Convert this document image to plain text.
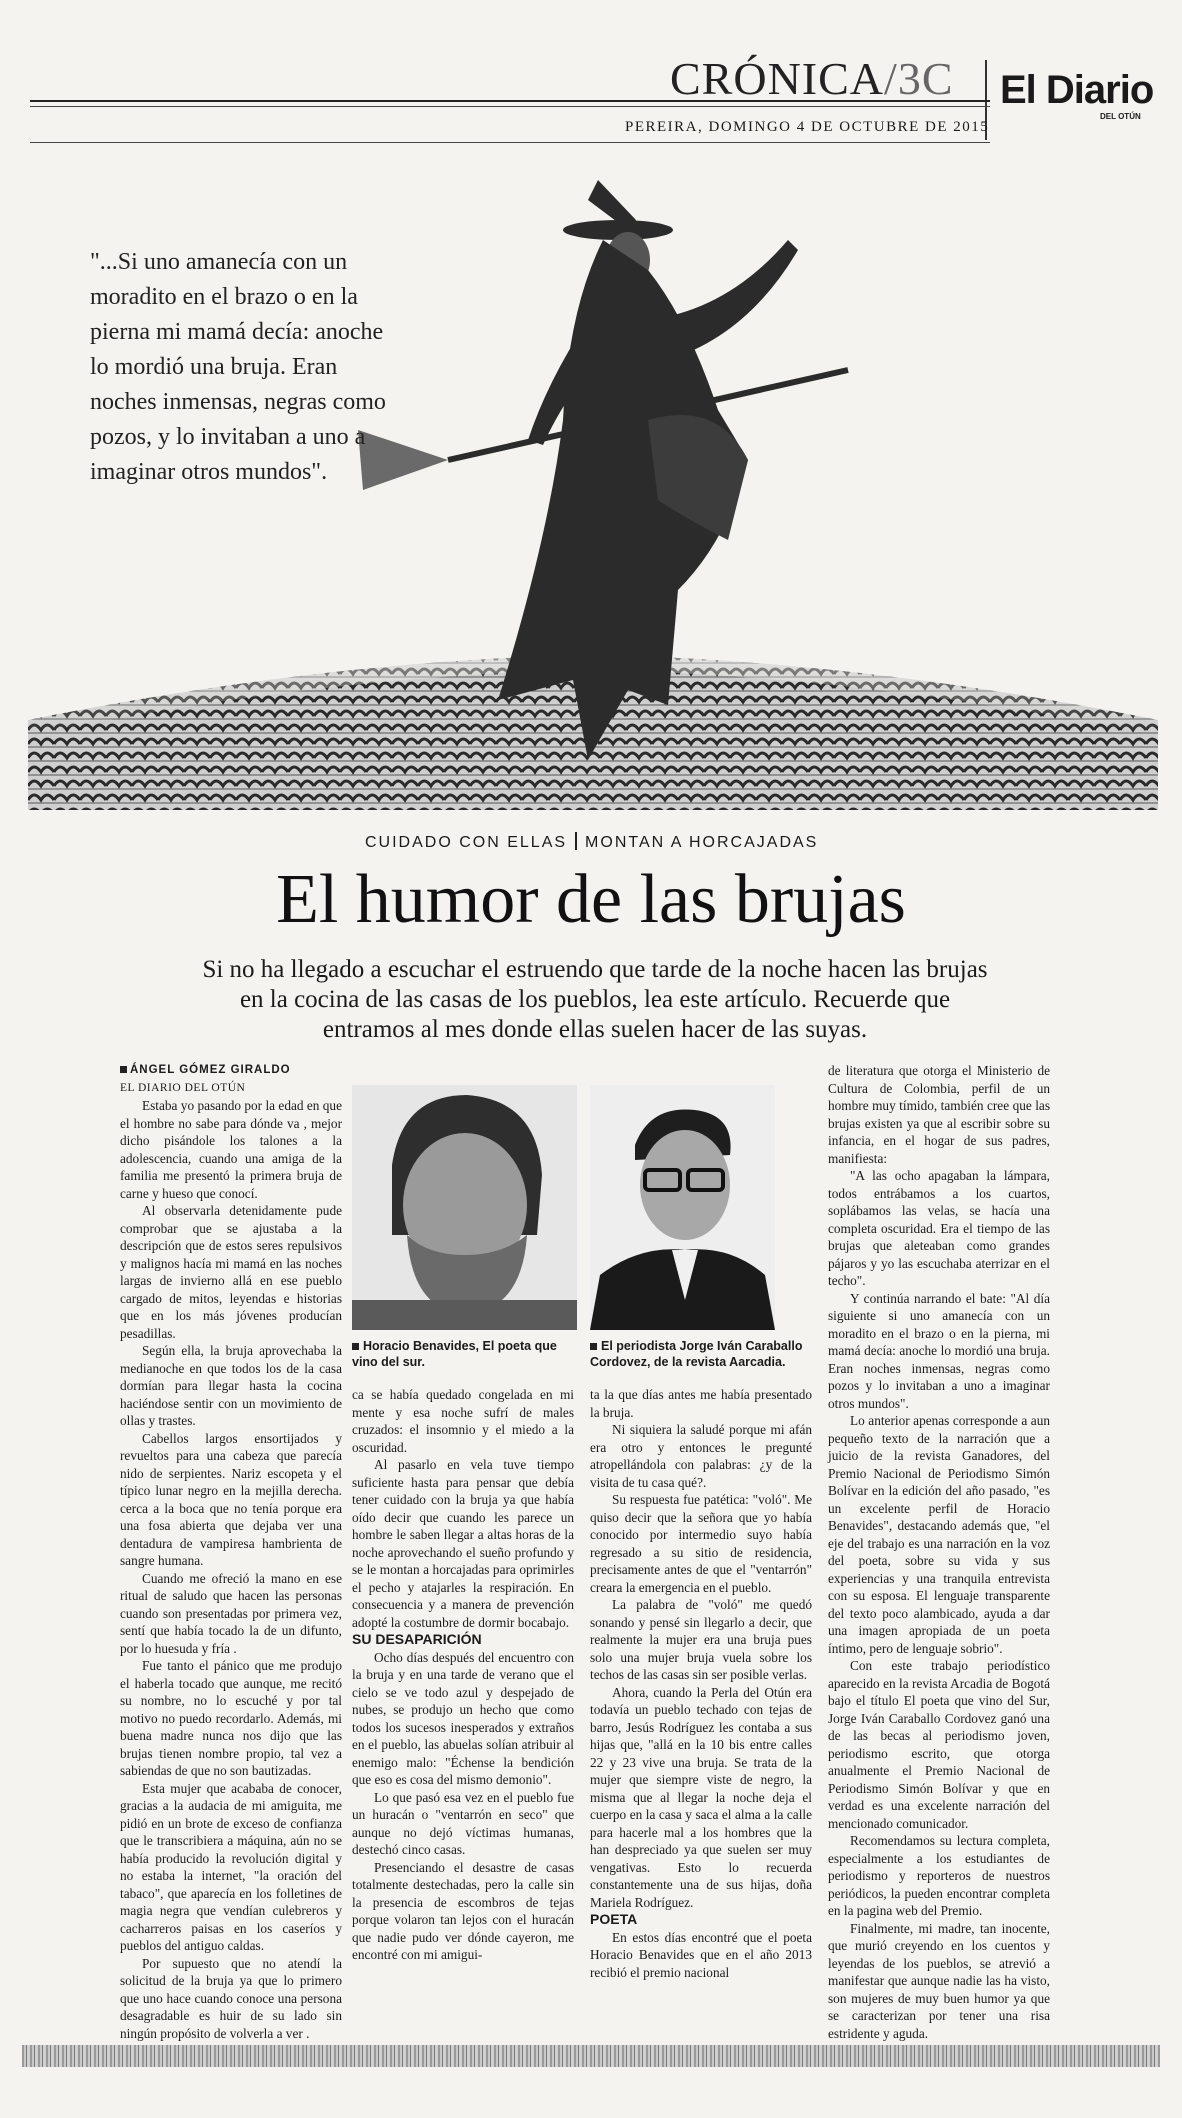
CRÓNICA/3C El Diario
DEL OTÚN
PEREIRA, DOMINGO 4 DE OCTUBRE DE 2015
"...Si uno amanecía con un moradito en el brazo o en la pierna mi mamá decía: anoche lo mordió una bruja. Eran noches inmensas, negras como pozos, y lo invitaban a uno a imaginar otros mundos".
CUIDADO CON ELLAS MONTAN A HORCAJADAS
El humor de las brujas
Si no ha llegado a escuchar el estruendo que tarde de la noche hacen las brujas en la cocina de las casas de los pueblos, lea este artículo. Recuerde que entramos al mes donde ellas suelen hacer de las suyas.

ÁNGEL GÓMEZ GIRALDO

EL DIARIO DEL OTÚN

Estaba yo pasando por la edad en que el hombre no sabe para dónde va , mejor dicho pisándole los talones a la adolescencia, cuando una amiga de la familia me presentó la primera bruja de carne y hueso que conocí.

Al observarla detenidamente pude comprobar que se ajustaba a la descripción que de estos seres repulsivos y malignos hacía mi mamá en las noches largas de invierno allá en ese pueblo cargado de mitos, leyendas e historias que en los más jóvenes producían pesadillas.

Según ella, la bruja aprovechaba la medianoche en que todos los de la casa dormían para llegar hasta la cocina haciéndose sentir con un movimiento de ollas y trastes.

Cabellos largos ensortijados y revueltos para una cabeza que parecía nido de serpientes. Nariz escopeta y el típico lunar negro en la mejilla derecha. cerca a la boca que no tenía porque era una fosa abierta que dejaba ver una dentadura de vampiresa hambrienta de sangre humana.

Cuando me ofreció la mano en ese ritual de saludo que hacen las personas cuando son presentadas por primera vez, sentí que había tocado la de un difunto, por lo huesuda y fría .

Fue tanto el pánico que me produjo el haberla tocado que aunque, me recitó su nombre, no lo escuché y por tal motivo no puedo recordarlo. Además, mi buena madre nunca nos dijo que las brujas tienen nombre propio, tal vez a sabiendas de que no son bautizadas.

Esta mujer que acababa de conocer, gracias a la audacia de mi amiguita, me pidió en un brote de exceso de confianza que le transcribiera a máquina, aún no se había producido la revolución digital y no estaba la internet, "la oración del tabaco", que aparecía en los folletines de magia negra que vendían culebreros y cacharreros paisas en los caseríos y pueblos del antiguo caldas.

Por supuesto que no atendí la solicitud de la bruja ya que lo primero que uno hace cuando conoce una persona desagradable es huir de su lado sin ningún propósito de volverla a ver .

Horacio Benavides, El poeta que vino del sur.
El periodista Jorge Iván Caraballo Cordovez, de la revista Aarcadia.

ca se había quedado congelada en mi mente y esa noche sufrí de males cruzados: el insomnio y el miedo a la oscuridad.

Al pasarlo en vela tuve tiempo suficiente hasta para pensar que debía tener cuidado con la bruja ya que había oído decir que cuando les parece un hombre le saben llegar a altas horas de la noche aprovechando el sueño profundo y se le montan a horcajadas para oprimirles el pecho y atajarles la respiración. En consecuencia y a manera de prevención adopté la costumbre de dormir bocabajo.

SU DESAPARICIÓN

Ocho días después del encuentro con la bruja y en una tarde de verano que el cielo se ve todo azul y despejado de nubes, se produjo un hecho que como todos los sucesos inesperados y extraños en el pueblo, las abuelas solían atribuir al enemigo malo: "Échense la bendición que eso es cosa del mismo demonio".

Lo que pasó esa vez en el pueblo fue un huracán o "ventarrón en seco" que aunque no dejó víctimas humanas, destechó cinco casas.

Presenciando el desastre de casas totalmente destechadas, pero la calle sin la presencia de escombros de tejas porque volaron tan lejos con el huracán que nadie pudo ver dónde cayeron, me encontré con mi amigui-

ta la que días antes me había presentado la bruja.

Ni siquiera la saludé porque mi afán era otro y entonces le pregunté atropellándola con palabras: ¿y de la visita de tu casa qué?.

Su respuesta fue patética: "voló". Me quiso decir que la señora que yo había conocido por intermedio suyo había regresado a su sitio de residencia, precisamente antes de que el "ventarrón" creara la emergencia en el pueblo.

La palabra de "voló" me quedó sonando y pensé sin llegarlo a decir, que realmente la mujer era una bruja pues solo una mujer bruja vuela sobre los techos de las casas sin ser posible verlas.

Ahora, cuando la Perla del Otún era todavía un pueblo techado con tejas de barro, Jesús Rodríguez les contaba a sus hijas que, "allá en la 10 bis entre calles 22 y 23 vive una bruja. Se trata de la mujer que siempre viste de negro, la misma que al llegar la noche deja el cuerpo en la casa y saca el alma a la calle para hacerle mal a los hombres que la han despreciado ya que suelen ser muy vengativas. Esto lo recuerda constantemente una de sus hijas, doña Mariela Rodríguez.

POETA

En estos días encontré que el poeta Horacio Benavides que en el año 2013 recibió el premio nacional

de literatura que otorga el Ministerio de Cultura de Colombia, perfil de un hombre muy tímido, también cree que las brujas existen ya que al escribir sobre su infancia, en el hogar de sus padres, manifiesta:

"A las ocho apagaban la lámpara, todos entrábamos a los cuartos, soplábamos las velas, se hacía una completa oscuridad. Era el tiempo de las brujas que aleteaban como grandes pájaros y yo las escuchaba aterrizar en el techo".

Y continúa narrando el bate: "Al día siguiente si uno amanecía con un moradito en el brazo o en la pierna, mi mamá decía: anoche lo mordió una bruja. Eran noches inmensas, negras como pozos y lo invitaban a uno a imaginar otros mundos".

Lo anterior apenas corresponde a aun pequeño texto de la narración que a juicio de la revista Ganadores, del Premio Nacional de Periodismo Simón Bolívar en la edición del año pasado, "es un excelente perfil de Horacio Benavides", destacando además que, "el eje del trabajo es una narración en la voz del poeta, sobre su vida y sus experiencias y una tranquila entrevista con su esposa. El lenguaje transparente del texto poco alambicado, ayuda a dar una imagen apropiada de un poeta íntimo, pero de lenguaje sobrio".

Con este trabajo periodístico aparecido en la revista Arcadia de Bogotá bajo el título El poeta que vino del Sur, Jorge Iván Caraballo Cordovez ganó una de las becas al periodismo joven, periodismo escrito, que otorga anualmente el Premio Nacional de Periodismo Simón Bolívar y que en verdad es una excelente narración del mencionado comunicador.

Recomendamos su lectura completa, especialmente a los estudiantes de periodismo y reporteros de nuestros periódicos, la pueden encontrar completa en la pagina web del Premio.

Finalmente, mi madre, tan inocente, que murió creyendo en los cuentos y leyendas de los pueblos, se atrevió a manifestar que aunque nadie las ha visto, son mujeres de muy buen humor ya que se caracterizan por tener una risa estridente y aguda.
